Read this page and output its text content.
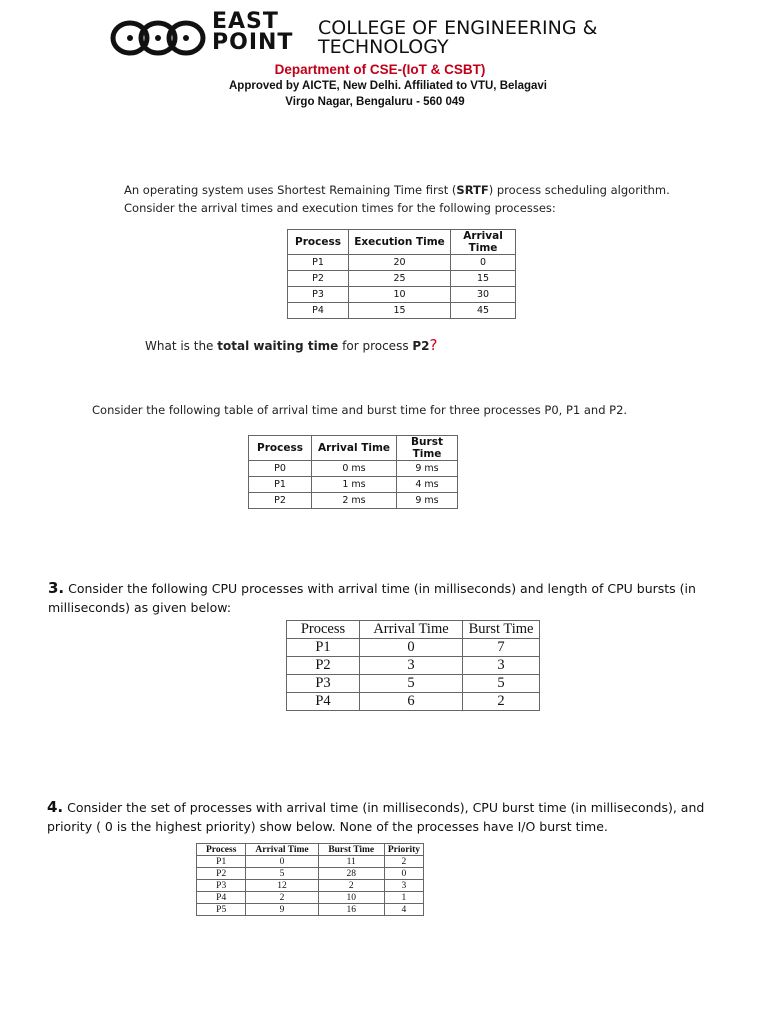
EAST
POINT
COLLEGE OF ENGINEERING &
TECHNOLOGY
Department of CSE-(IoT & CSBT)
Approved by AICTE, New Delhi. Affiliated to VTU, Belagavi
Virgo Nagar, Bengaluru - 560 049
An operating system uses Shortest Remaining Time first (SRTF) process scheduling algorithm.
Consider the arrival times and execution times for the following processes:
Process	Execution Time	Arrival Time
P1	20	0
P2	25	15
P3	10	30
P4	15	45
What is the total waiting time for process P2?
Consider the following table of arrival time and burst time for three processes P0, P1 and P2.
Process	Arrival Time	Burst Time
P0	0 ms	9 ms
P1	1 ms	4 ms
P2	2 ms	9 ms
3. Consider the following CPU processes with arrival time (in milliseconds) and length of CPU bursts (in
milliseconds) as given below:
Process	Arrival Time	Burst Time
P1	0	7
P2	3	3
P3	5	5
P4	6	2
4. Consider the set of processes with arrival time (in milliseconds), CPU burst time (in milliseconds), and
priority ( 0 is the highest priority) show below. None of the processes have I/O burst time.
Process	Arrival Time	Burst Time	Priority
P1	0	11	2
P2	5	28	0
P3	12	2	3
P4	2	10	1
P5	9	16	4
